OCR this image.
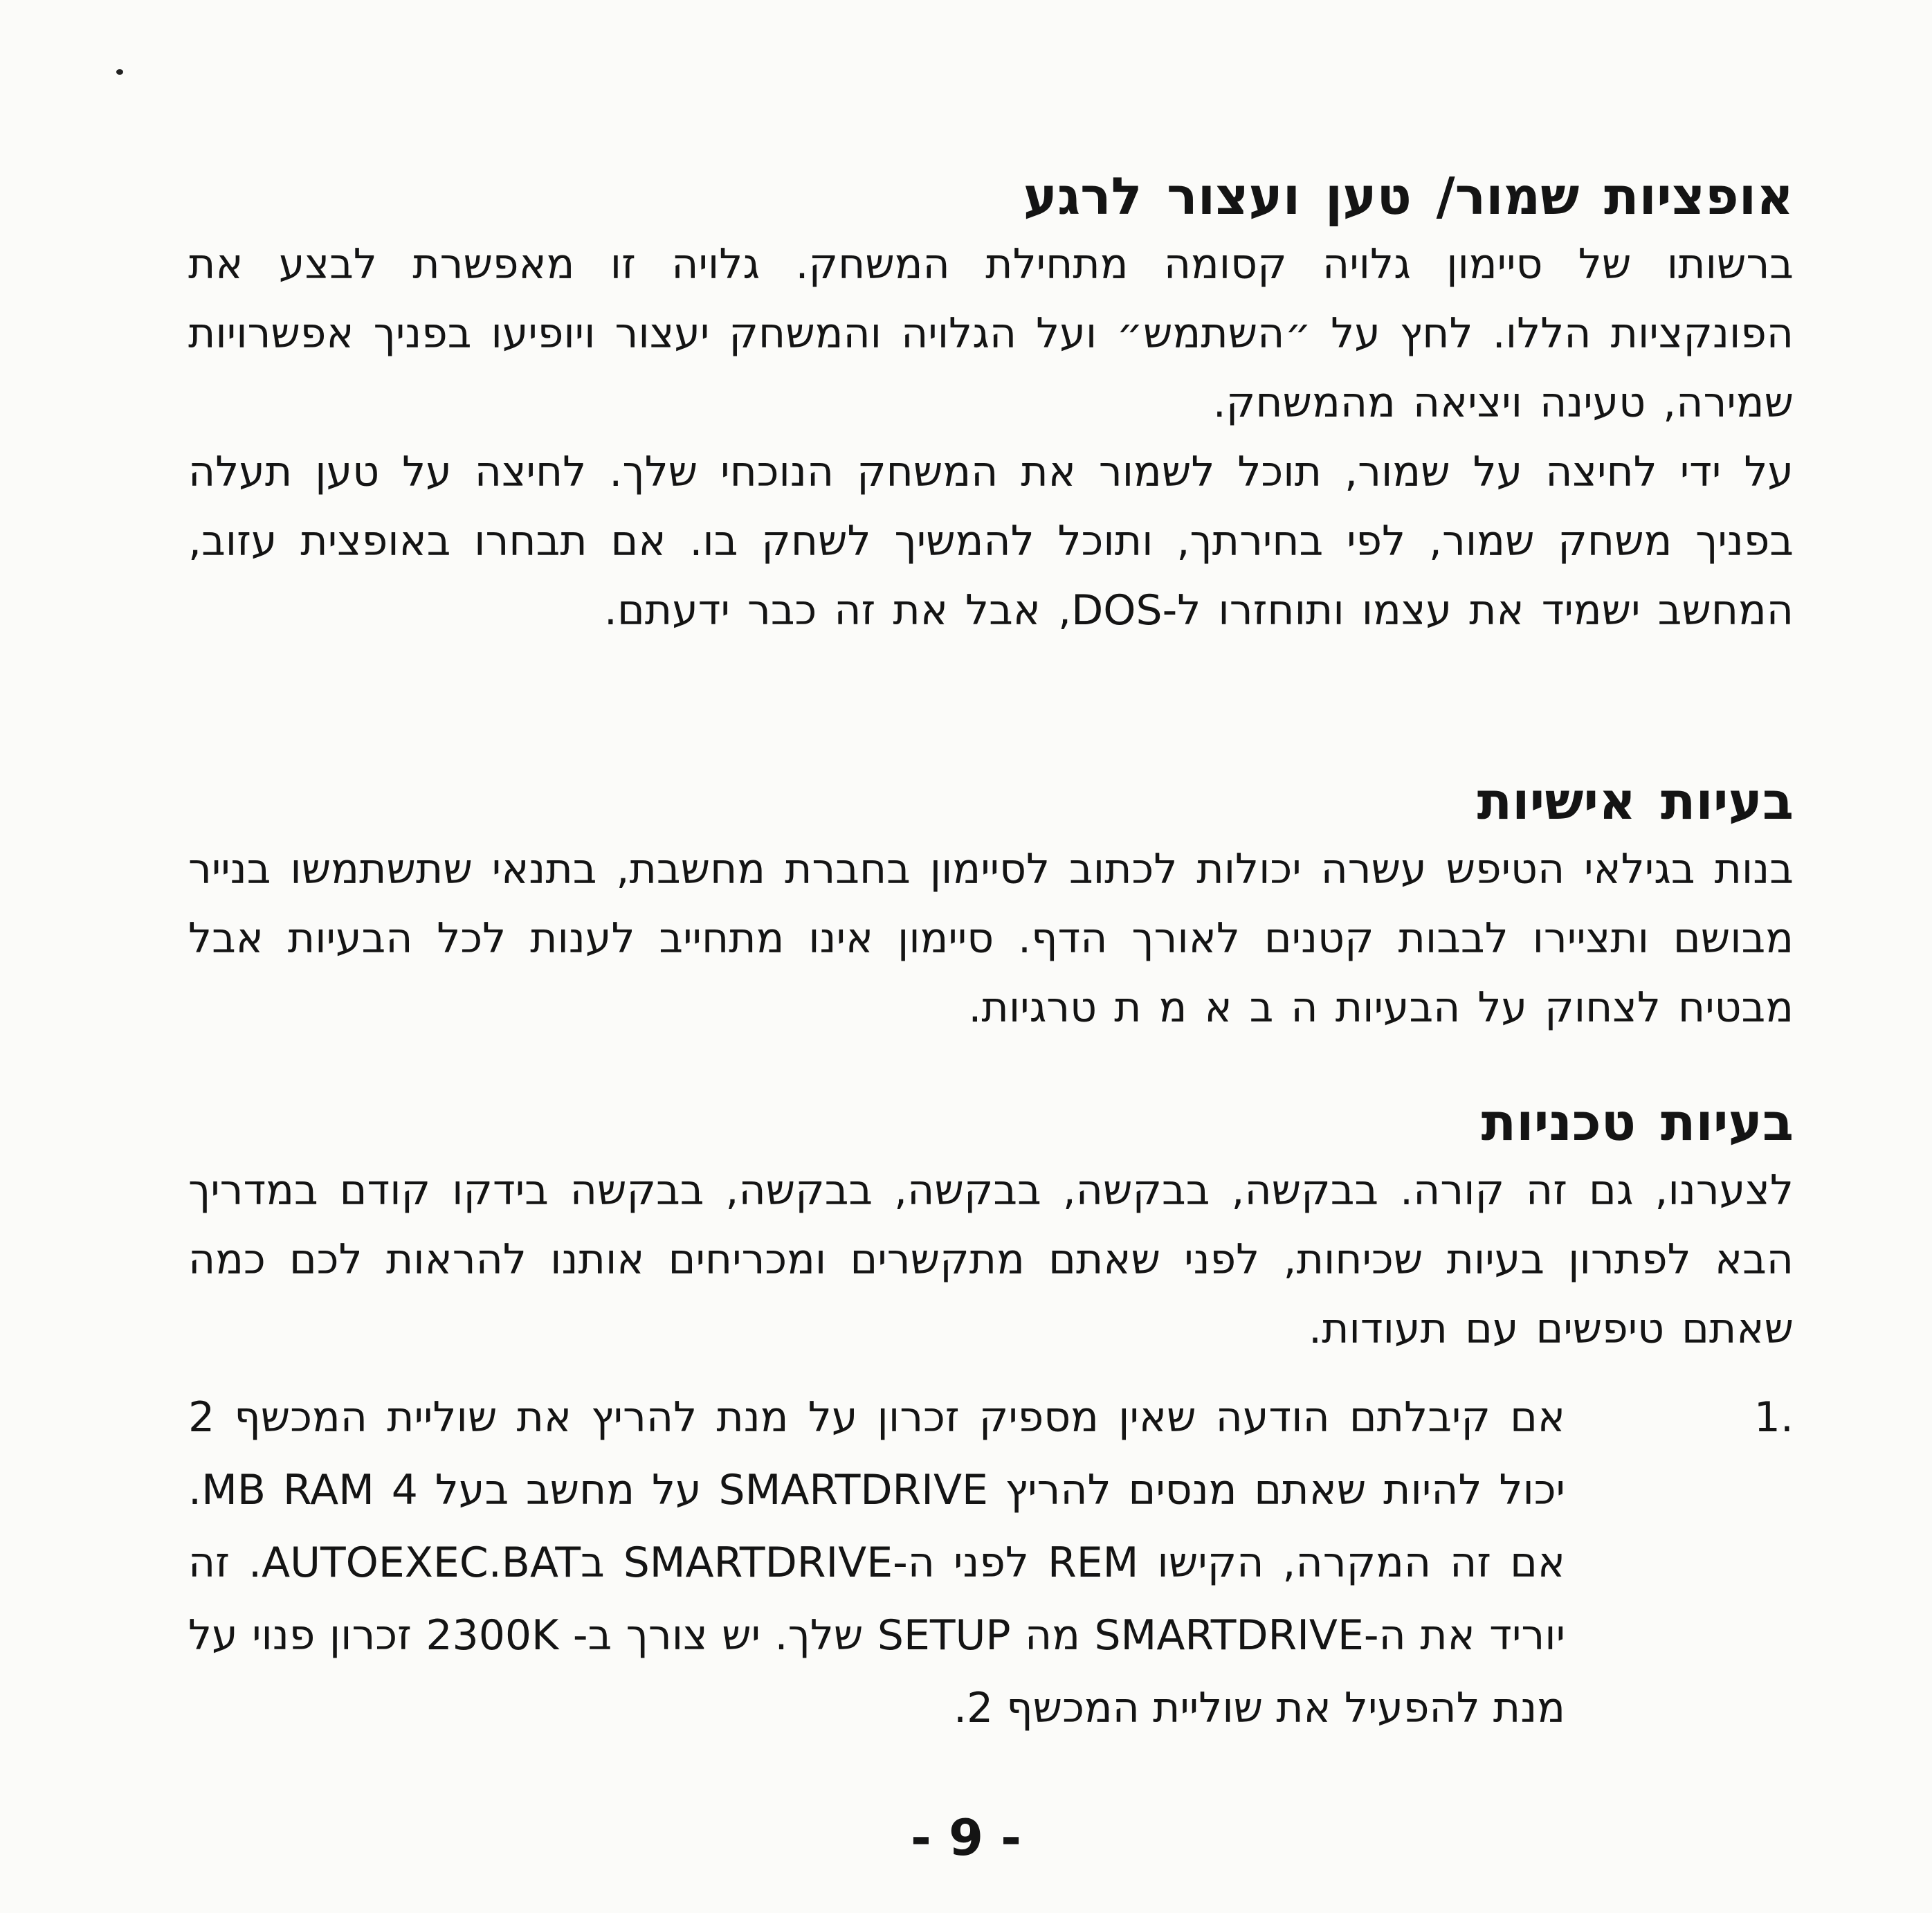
אופציות שמור/ טען ועצור לרגע

ברשותו של סיימון גלויה קסומה מתחילת המשחק. גלויה זו מאפשרת לבצע את הפונקציות הללו. לחץ על ״השתמש״ ועל הגלויה והמשחק יעצור ויופיעו בפניך אפשרויות שמירה, טעינה ויציאה מהמשחק.

על ידי לחיצה על שמור, תוכל לשמור את המשחק הנוכחי שלך. לחיצה על טען תעלה בפניך משחק שמור, לפי בחירתך, ותוכל להמשיך לשחק בו. אם תבחרו באופצית עזוב, המחשב ישמיד את עצמו ותוחזרו ל-DOS, אבל את זה כבר ידעתם.

בעיות אישיות

בנות בגילאי הטיפש עשרה יכולות לכתוב לסיימון בחברת מחשבת, בתנאי שתשתמשו בנייר מבושם ותציירו לבבות קטנים לאורך הדף. סיימון אינו מתחייב לענות לכל הבעיות אבל מבטיח לצחוק על הבעיות ה ב א מ ת טרגיות.

בעיות טכניות

לצערנו, גם זה קורה. בבקשה, בבקשה, בבקשה, בבקשה, בבקשה בידקו קודם במדריך הבא לפתרון בעיות שכיחות, לפני שאתם מתקשרים ומכריחים אותנו להראות לכם כמה שאתם טיפשים עם תעודות.

.1
אם קיבלתם הודעה שאין מספיק זכרון על מנת להריץ את שוליית המכשף 2 יכול להיות שאתם מנסים להריץ SMARTDRIVE על מחשב בעל 4 MB RAM. אם זה המקרה, הקישו REM לפני ה-SMARTDRIVE בAUTOEXEC.BAT. זה יוריד את ה-SMARTDRIVE מה SETUP שלך. יש צורך ב- 2300K זכרון פנוי על מנת להפעיל את שוליית המכשף 2.
- 9 -
